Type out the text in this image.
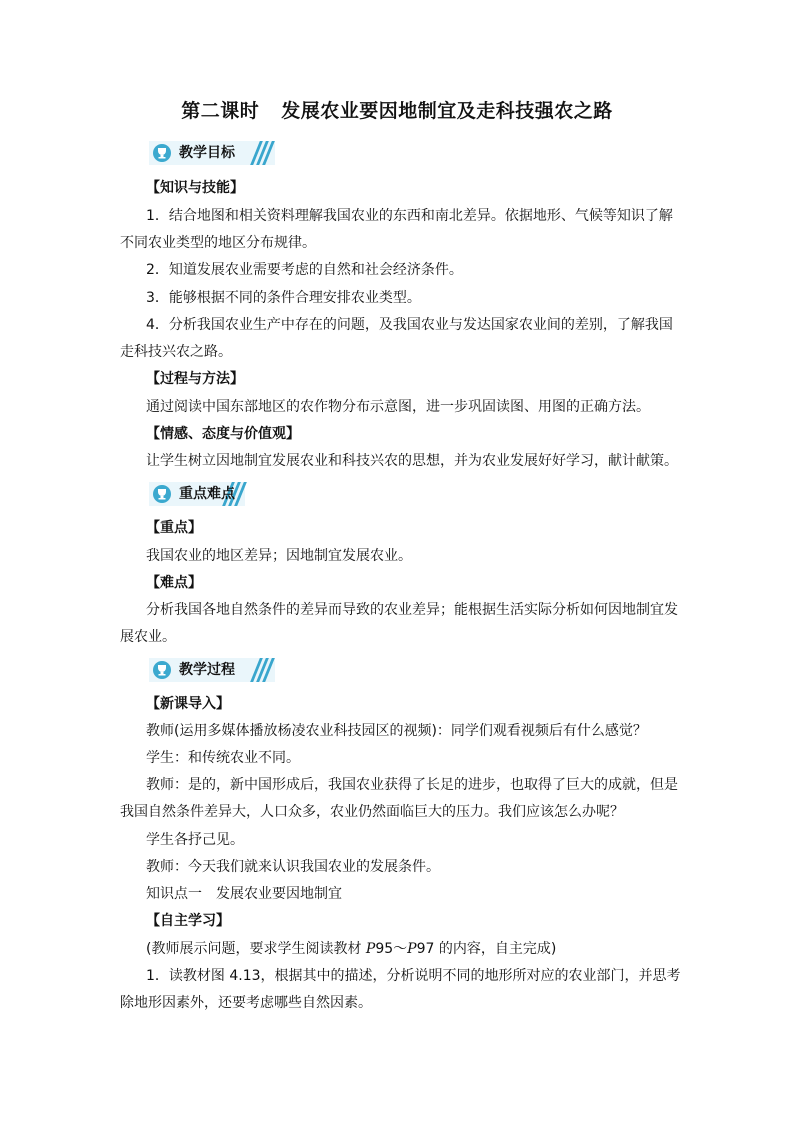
第二课时 发展农业要因地制宜及走科技强农之路
教学目标
【知识与技能】
1．结合地图和相关资料理解我国农业的东西和南北差异。依据地形、气候等知识了解
不同农业类型的地区分布规律。
2．知道发展农业需要考虑的自然和社会经济条件。
3．能够根据不同的条件合理安排农业类型。
4．分析我国农业生产中存在的问题，及我国农业与发达国家农业间的差别，了解我国
走科技兴农之路。
【过程与方法】
通过阅读中国东部地区的农作物分布示意图，进一步巩固读图、用图的正确方法。
【情感、态度与价值观】
让学生树立因地制宜发展农业和科技兴农的思想，并为农业发展好好学习，献计献策。
重点难点
【重点】
我国农业的地区差异；因地制宜发展农业。
【难点】
分析我国各地自然条件的差异而导致的农业差异；能根据生活实际分析如何因地制宜发
展农业。
教学过程
【新课导入】
教师(运用多媒体播放杨凌农业科技园区的视频)：同学们观看视频后有什么感觉？
学生：和传统农业不同。
教师：是的，新中国形成后，我国农业获得了长足的进步，也取得了巨大的成就，但是
我国自然条件差异大，人口众多，农业仍然面临巨大的压力。我们应该怎么办呢？
学生各抒己见。
教师：今天我们就来认识我国农业的发展条件。
知识点一　发展农业要因地制宜
【自主学习】
(教师展示问题，要求学生阅读教材 P95～P97 的内容，自主完成)
1．读教材图 4.13，根据其中的描述，分析说明不同的地形所对应的农业部门，并思考
除地形因素外，还要考虑哪些自然因素。
